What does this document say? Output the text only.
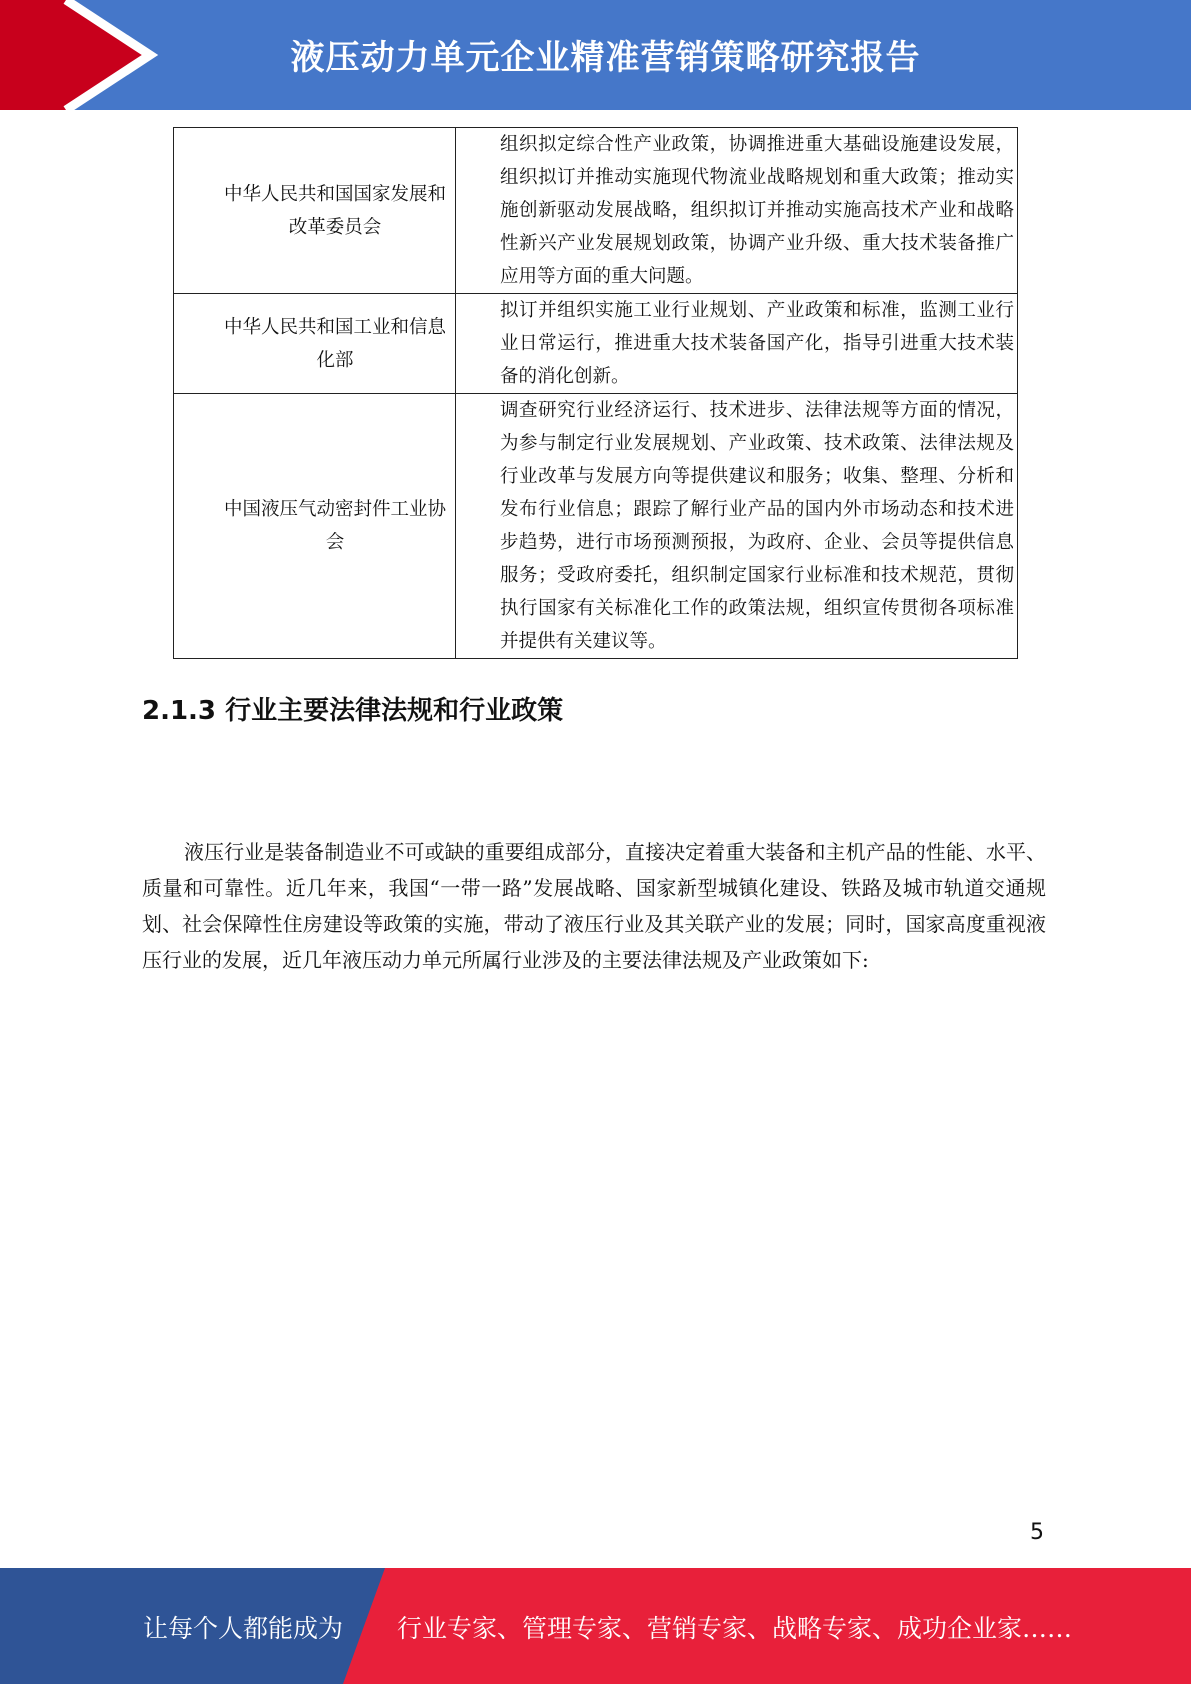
液压动力单元企业精准营销策略研究报告
中华人民共和国国家发展和改革委员会	组织拟定综合性产业政策，协调推进重大基础设施建设发展，组织拟订并推动实施现代物流业战略规划和重大政策；推动实施创新驱动发展战略，组织拟订并推动实施高技术产业和战略性新兴产业发展规划政策，协调产业升级、重大技术装备推广应用等方面的重大问题。
中华人民共和国工业和信息化部	拟订并组织实施工业行业规划、产业政策和标准，监测工业行业日常运行，推进重大技术装备国产化，指导引进重大技术装备的消化创新。
中国液压气动密封件工业协会	调查研究行业经济运行、技术进步、法律法规等方面的情况，为参与制定行业发展规划、产业政策、技术政策、法律法规及行业改革与发展方向等提供建议和服务；收集、整理、分析和发布行业信息；跟踪了解行业产品的国内外市场动态和技术进步趋势，进行市场预测预报，为政府、企业、会员等提供信息服务；受政府委托，组织制定国家行业标准和技术规范，贯彻执行国家有关标准化工作的政策法规，组织宣传贯彻各项标准并提供有关建议等。
2.1.3 行业主要法律法规和行业政策
液压行业是装备制造业不可或缺的重要组成部分，直接决定着重大装备和主机产品的性能、水平、质量和可靠性。近几年来，我国“一带一路”发展战略、国家新型城镇化建设、铁路及城市轨道交通规划、社会保障性住房建设等政策的实施，带动了液压行业及其关联产业的发展；同时，国家高度重视液压行业的发展，近几年液压动力单元所属行业涉及的主要法律法规及产业政策如下:
5
让每个人都能成为 行业专家、管理专家、营销专家、战略专家、成功企业家……
